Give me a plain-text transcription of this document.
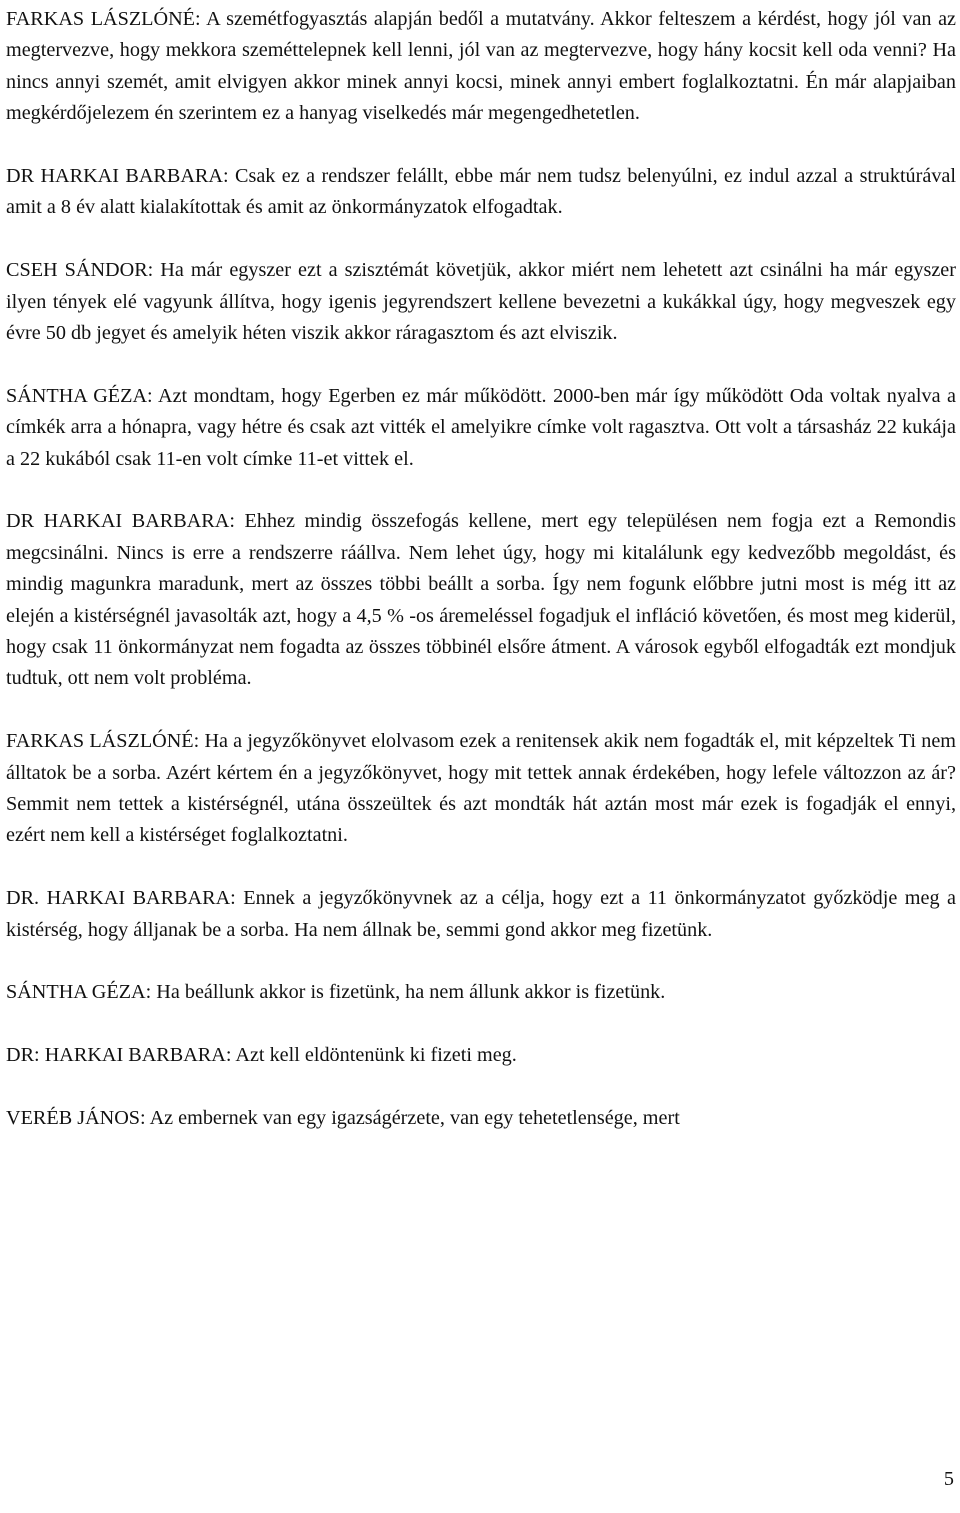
FARKAS LÁSZLÓNÉ: A szemétfogyasztás alapján bedől a mutatvány. Akkor felteszem a kérdést, hogy jól van az megtervezve, hogy mekkora szeméttelepnek kell lenni, jól van az megtervezve, hogy hány kocsit kell oda venni? Ha nincs annyi szemét, amit elvigyen akkor minek annyi kocsi, minek annyi embert foglalkoztatni. Én már alapjaiban megkérdőjelezem én szerintem ez a hanyag viselkedés már megengedhetetlen.

DR HARKAI BARBARA: Csak ez a rendszer felállt, ebbe már nem tudsz belenyúlni, ez indul azzal a struktúrával amit a 8 év alatt kialakítottak és amit az önkormányzatok elfogadtak.

CSEH SÁNDOR: Ha már egyszer ezt a szisztémát követjük, akkor miért nem lehetett azt csinálni ha már egyszer ilyen tények elé vagyunk állítva, hogy igenis jegyrendszert kellene bevezetni a kukákkal úgy, hogy megveszek egy évre 50 db jegyet és amelyik héten viszik akkor ráragasztom és azt elviszik.

SÁNTHA GÉZA: Azt mondtam, hogy Egerben ez már működött. 2000-ben már így működött Oda voltak nyalva a címkék arra a hónapra, vagy hétre és csak azt vitték el amelyikre címke volt ragasztva. Ott volt a társasház 22 kukája a 22 kukából csak 11-en volt címke 11-et vittek el.

DR HARKAI BARBARA: Ehhez mindig összefogás kellene, mert egy településen nem fogja ezt a Remondis megcsinálni. Nincs is erre a rendszerre ráállva. Nem lehet úgy, hogy mi kitalálunk egy kedvezőbb megoldást, és mindig magunkra maradunk, mert az összes többi beállt a sorba. Így nem fogunk előbbre jutni most is még itt az elején a kistérségnél javasolták azt, hogy a 4,5 % -os áremeléssel fogadjuk el infláció követően, és most meg kiderül, hogy csak 11 önkormányzat nem fogadta az összes többinél elsőre átment. A városok egyből elfogadták ezt mondjuk tudtuk, ott nem volt probléma.

FARKAS LÁSZLÓNÉ: Ha a jegyzőkönyvet elolvasom ezek a renitensek akik nem fogadták el, mit képzeltek Ti nem álltatok be a sorba. Azért kértem én a jegyzőkönyvet, hogy mit tettek annak érdekében, hogy lefele változzon az ár? Semmit nem tettek a kistérségnél, utána összeültek és azt mondták hát aztán most már ezek is fogadják el ennyi, ezért nem kell a kistérséget foglalkoztatni.

DR. HARKAI BARBARA: Ennek a jegyzőkönyvnek az a célja, hogy ezt a 11 önkormányzatot győzködje meg a kistérség, hogy álljanak be a sorba. Ha nem állnak be, semmi gond akkor meg fizetünk.

SÁNTHA GÉZA: Ha beállunk akkor is fizetünk, ha nem állunk akkor is fizetünk.

DR: HARKAI BARBARA: Azt kell eldöntenünk ki fizeti meg.

VERÉB JÁNOS: Az embernek van egy igazságérzete, van egy tehetetlensége, mert

5
